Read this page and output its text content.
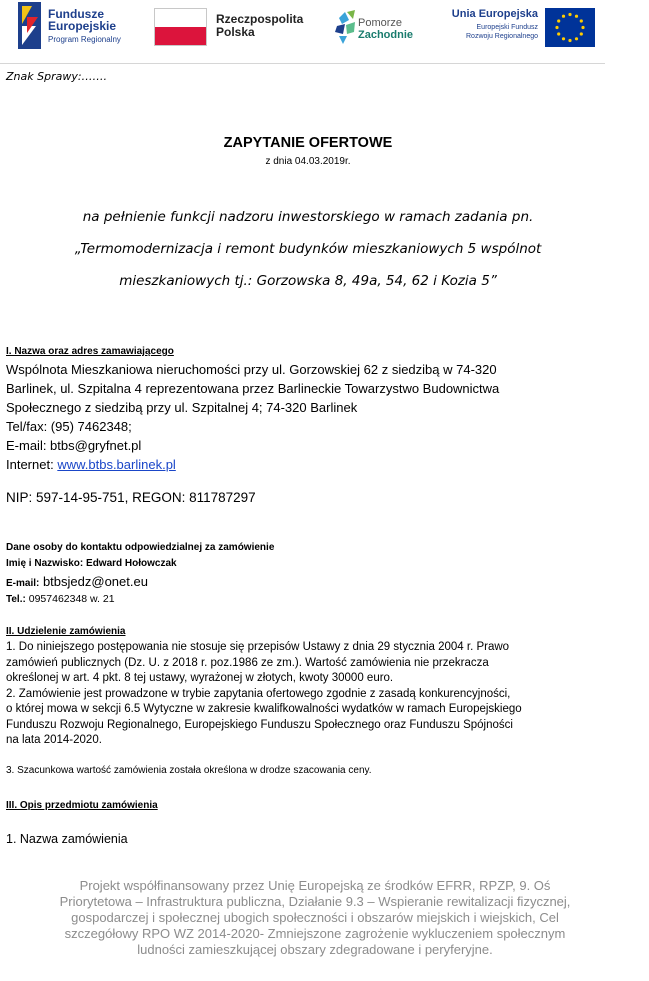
Fundusze
Europejskie
Program Regionalny
Rzeczpospolita
Polska
Pomorze
Zachodnie
Unia Europejska
Europejski Fundusz
Rozwoju Regionalnego
Znak Sprawy:…….
ZAPYTANIE OFERTOWE
z dnia 04.03.2019r.
na pełnienie funkcji nadzoru inwestorskiego w ramach zadania pn.
„Termomodernizacja i remont budynków mieszkaniowych 5 wspólnot
mieszkaniowych tj.: Gorzowska 8, 49a, 54, 62 i Kozia 5”
I. Nazwa oraz adres zamawiającego
Wspólnota Mieszkaniowa nieruchomości przy ul. Gorzowskiej 62 z siedzibą w 74-320
Barlinek, ul. Szpitalna 4 reprezentowana przez Barlineckie Towarzystwo Budownictwa
Społecznego z siedzibą przy ul. Szpitalnej 4; 74-320 Barlinek
Tel/fax: (95) 7462348;
E-mail: btbs@gryfnet.pl
Internet: www.btbs.barlinek.pl
NIP: 597-14-95-751, REGON: 811787297
Dane osoby do kontaktu odpowiedzialnej za zamówienie
Imię i Nazwisko: Edward Hołowczak
E-mail: btbsjedz@onet.eu
Tel.: 0957462348 w. 21
II. Udzielenie zamówienia
1. Do niniejszego postępowania nie stosuje się przepisów Ustawy z dnia 29 stycznia 2004 r. Prawo
zamówień publicznych (Dz. U. z 2018 r. poz.1986 ze zm.). Wartość zamówienia nie przekracza
określonej w art. 4 pkt. 8 tej ustawy, wyrażonej w złotych, kwoty 30000 euro.
2. Zamówienie jest prowadzone w trybie zapytania ofertowego zgodnie z zasadą konkurencyjności,
o której mowa w sekcji 6.5 Wytyczne w zakresie kwalifkowalności wydatków w ramach Europejskiego
Funduszu Rozwoju Regionalnego, Europejskiego Funduszu Społecznego oraz Funduszu Spójności
na lata 2014-2020.
3. Szacunkowa wartość zamówienia została określona w drodze szacowania ceny.
III. Opis przedmiotu zamówienia
1. Nazwa zamówienia
Projekt współfinansowany przez Unię Europejską ze środków EFRR, RPZP, 9. Oś
Priorytetowa – Infrastruktura publiczna, Działanie 9.3 – Wspieranie rewitalizacji fizycznej,
gospodarczej i społecznej ubogich społeczności i obszarów miejskich i wiejskich, Cel
szczegółowy RPO WZ 2014-2020- Zmniejszone zagrożenie wykluczeniem społecznym
ludności zamieszkującej obszary zdegradowane i peryferyjne.
